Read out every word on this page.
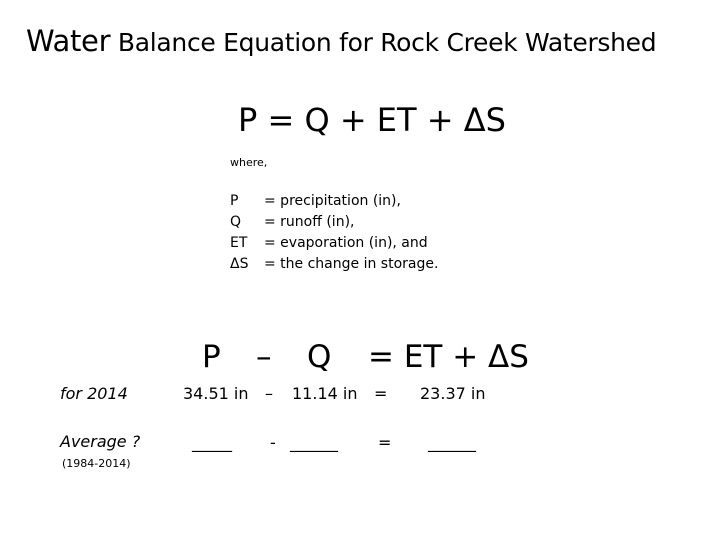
Water Balance Equation for Rock Creek Watershed
P = Q + ET + ΔS
where,
P = precipitation (in),
Q = runoff (in),
ET = evaporation (in), and
ΔS = the change in storage.
P – Q = ET + ΔS
for 2014	34.51 in – 11.14 in = 23.37 in
Average ?
(1984-2014)
_____ - ______	= ______
